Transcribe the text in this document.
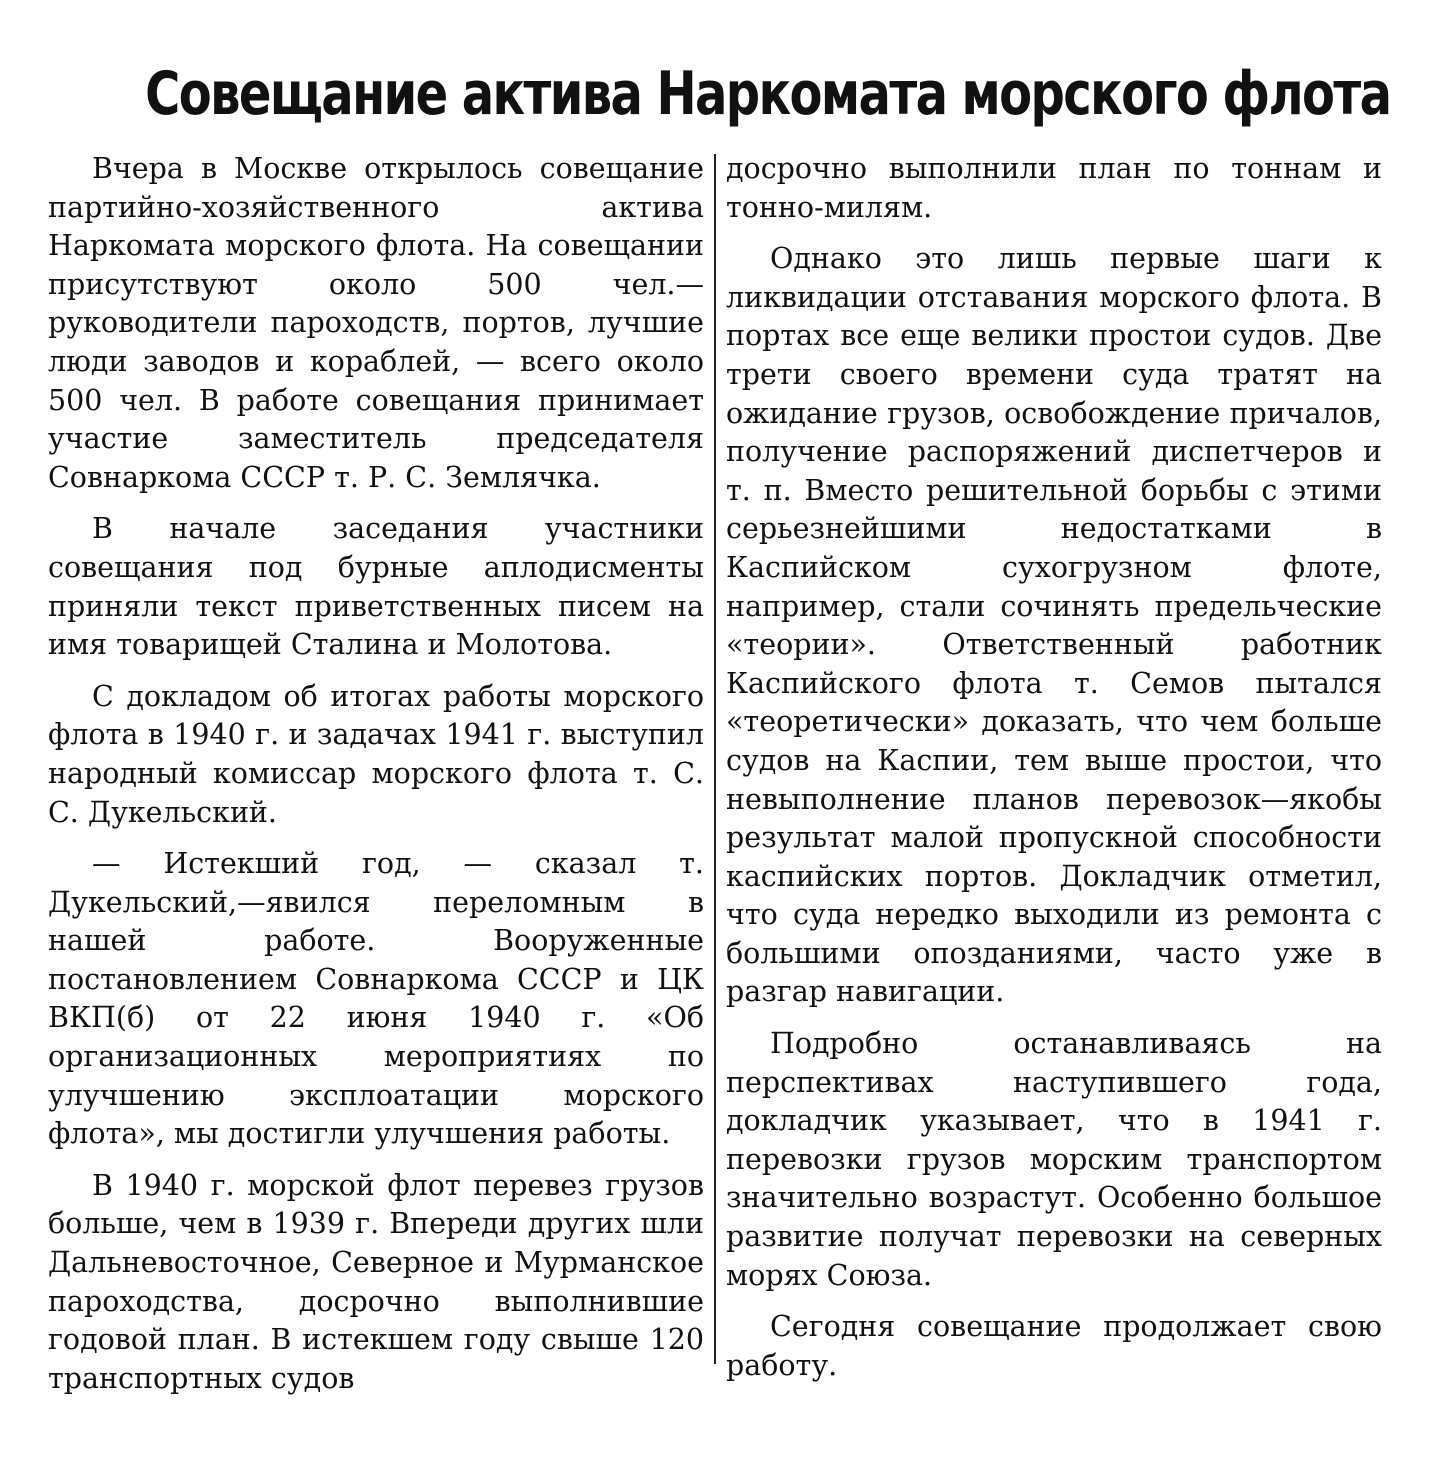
Совещание актива Наркомата морского флота

Вчера в Москве открылось совещание партийно-хозяйственного актива Наркомата морского флота. На совещании присутствуют около 500 чел.—руководители пароходств, портов, лучшие люди заводов и кораблей, — всего около 500 чел. В работе совещания принимает участие заместитель председателя Совнаркома СССР т. Р. С. Землячка.

В начале заседания участники совещания под бурные аплодисменты приняли текст приветственных писем на имя товарищей Сталина и Молотова.

С докладом об итогах работы морского флота в 1940 г. и задачах 1941 г. выступил народный комиссар морского флота т. С. С. Дукельский.

— Истекший год, — сказал т. Дукельский,—явился переломным в нашей работе. Вооруженные постановлением Совнаркома СССР и ЦК ВКП(б) от 22 июня 1940 г. «Об организационных мероприятиях по улучшению эксплоатации морского флота», мы достигли улучшения работы.

В 1940 г. морской флот перевез грузов больше, чем в 1939 г. Впереди других шли Дальневосточное, Северное и Мурманское пароходства, досрочно выполнившие годовой план. В истекшем году свыше 120 транспортных судов

досрочно выполнили план по тоннам и тонно-милям.

Однако это лишь первые шаги к ликвидации отставания морского флота. В портах все еще велики простои судов. Две трети своего времени суда тратят на ожидание грузов, освобождение причалов, получение распоряжений диспетчеров и т. п. Вместо решительной борьбы с этими серьезнейшими недостатками в Каспийском сухогрузном флоте, например, стали сочинять предельческие «теории». Ответственный работник Каспийского флота т. Семов пытался «теоретически» доказать, что чем больше судов на Каспии, тем выше простои, что невыполнение планов перевозок—якобы результат малой пропускной способности каспийских портов. Докладчик отметил, что суда нередко выходили из ремонта с большими опозданиями, часто уже в разгар навигации.

Подробно останавливаясь на перспективах наступившего года, докладчик указывает, что в 1941 г. перевозки грузов морским транспортом значительно возрастут. Особенно большое развитие получат перевозки на северных морях Союза.

Сегодня совещание продолжает свою работу.
